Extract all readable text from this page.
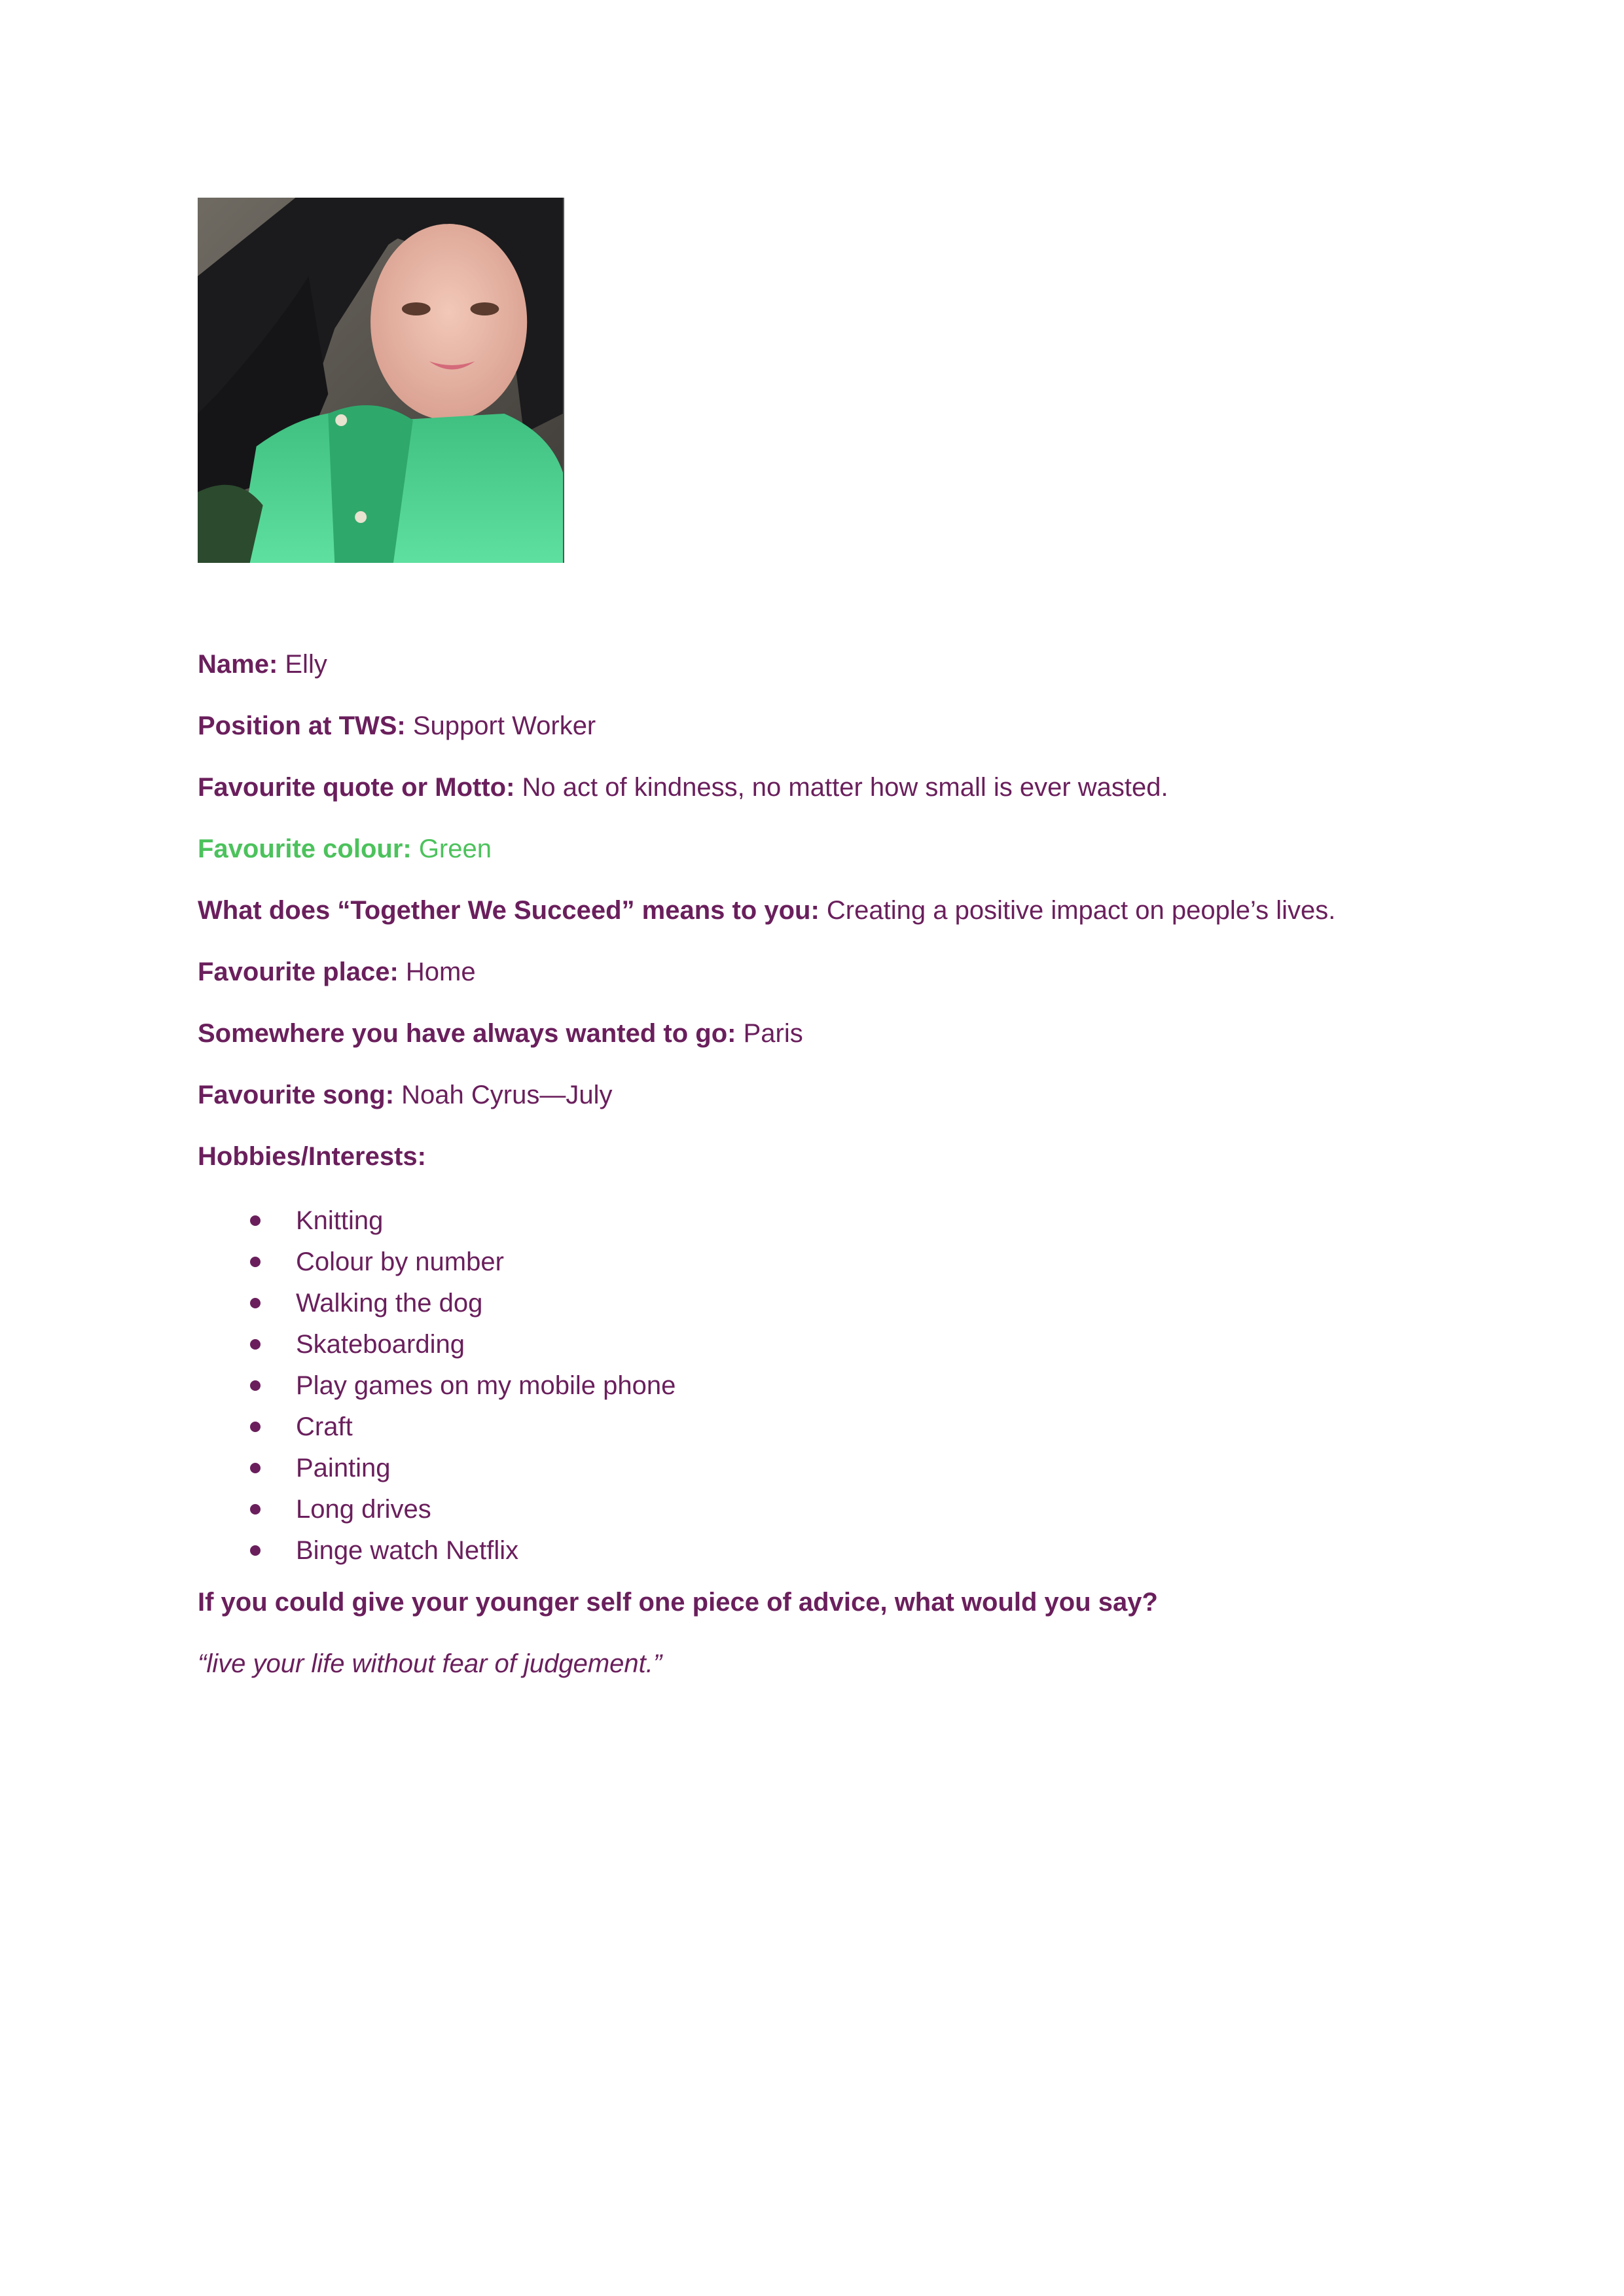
Name: Elly

Position at TWS: Support Worker

Favourite quote or Motto: No act of kindness, no matter how small is ever wasted.

Favourite colour: Green

What does “Together We Succeed” means to you: Creating a positive impact on people’s lives.

Favourite place: Home

Somewhere you have always wanted to go: Paris

Favourite song: Noah Cyrus—July

Hobbies/Interests:

Knitting
Colour by number
Walking the dog
Skateboarding
Play games on my mobile phone
Craft
Painting
Long drives
Binge watch Netflix

If you could give your younger self one piece of advice, what would you say?

“live your life without fear of judgement.”
